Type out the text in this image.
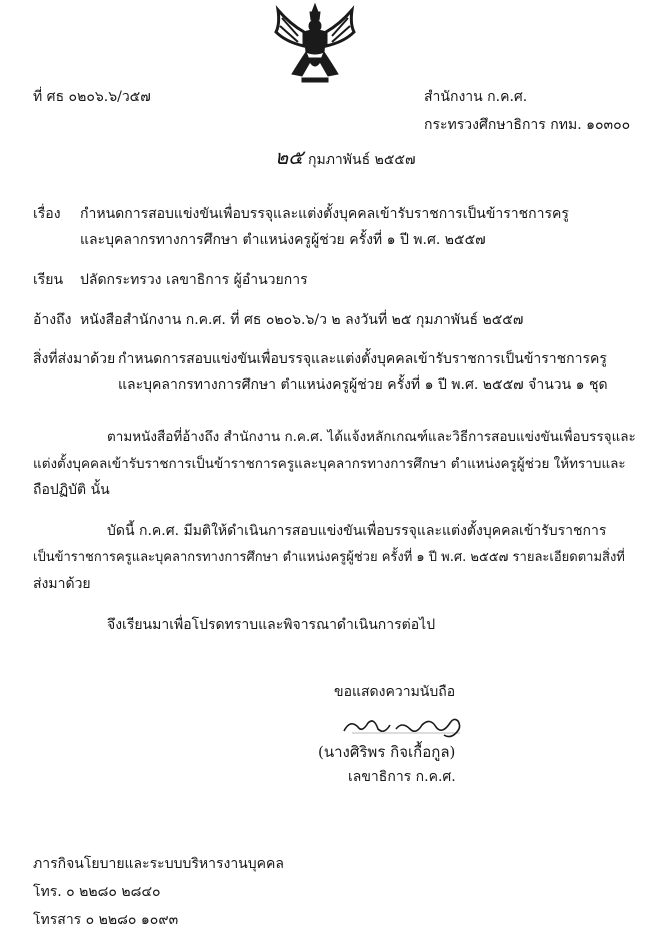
ที่ ศธ ๐๒๐๖.๖/ว๕๗	สำนักงาน ก.ค.ศ.
กระทรวงศึกษาธิการ กทม. ๑๐๓๐๐
๒๕ กุมภาพันธ์ ๒๕๕๗
เรื่อง กำหนดการสอบแข่งขันเพื่อบรรจุและแต่งตั้งบุคคลเข้ารับราชการเป็นข้าราชการครู
และบุคลากรทางการศึกษา ตำแหน่งครูผู้ช่วย ครั้งที่ ๑ ปี พ.ศ. ๒๕๕๗
เรียน ปลัดกระทรวง เลขาธิการ ผู้อำนวยการ
อ้างถึง หนังสือสำนักงาน ก.ค.ศ. ที่ ศธ ๐๒๐๖.๖/ว ๒ ลงวันที่ ๒๕ กุมภาพันธ์ ๒๕๕๗
สิ่งที่ส่งมาด้วย กำหนดการสอบแข่งขันเพื่อบรรจุและแต่งตั้งบุคคลเข้ารับราชการเป็นข้าราชการครู
และบุคลากรทางการศึกษา ตำแหน่งครูผู้ช่วย ครั้งที่ ๑ ปี พ.ศ. ๒๕๕๗ จำนวน ๑ ชุด
ตามหนังสือที่อ้างถึง สำนักงาน ก.ค.ศ. ได้แจ้งหลักเกณฑ์และวิธีการสอบแข่งขันเพื่อบรรจุและ
แต่งตั้งบุคคลเข้ารับราชการเป็นข้าราชการครูและบุคลากรทางการศึกษา ตำแหน่งครูผู้ช่วย ให้ทราบและ
ถือปฏิบัติ นั้น
บัดนี้ ก.ค.ศ. มีมติให้ดำเนินการสอบแข่งขันเพื่อบรรจุและแต่งตั้งบุคคลเข้ารับราชการ
เป็นข้าราชการครูและบุคลากรทางการศึกษา ตำแหน่งครูผู้ช่วย ครั้งที่ ๑ ปี พ.ศ. ๒๕๕๗ รายละเอียดตามสิ่งที่
ส่งมาด้วย
จึงเรียนมาเพื่อโปรดทราบและพิจารณาดำเนินการต่อไป
ขอแสดงความนับถือ
(นางศิริพร กิจเกื้อกูล)
เลขาธิการ ก.ค.ศ.
ภารกิจนโยบายและระบบบริหารงานบุคคล
โทร. ๐ ๒๒๘๐ ๒๘๔๐
โทรสาร ๐ ๒๒๘๐ ๑๐๙๓
